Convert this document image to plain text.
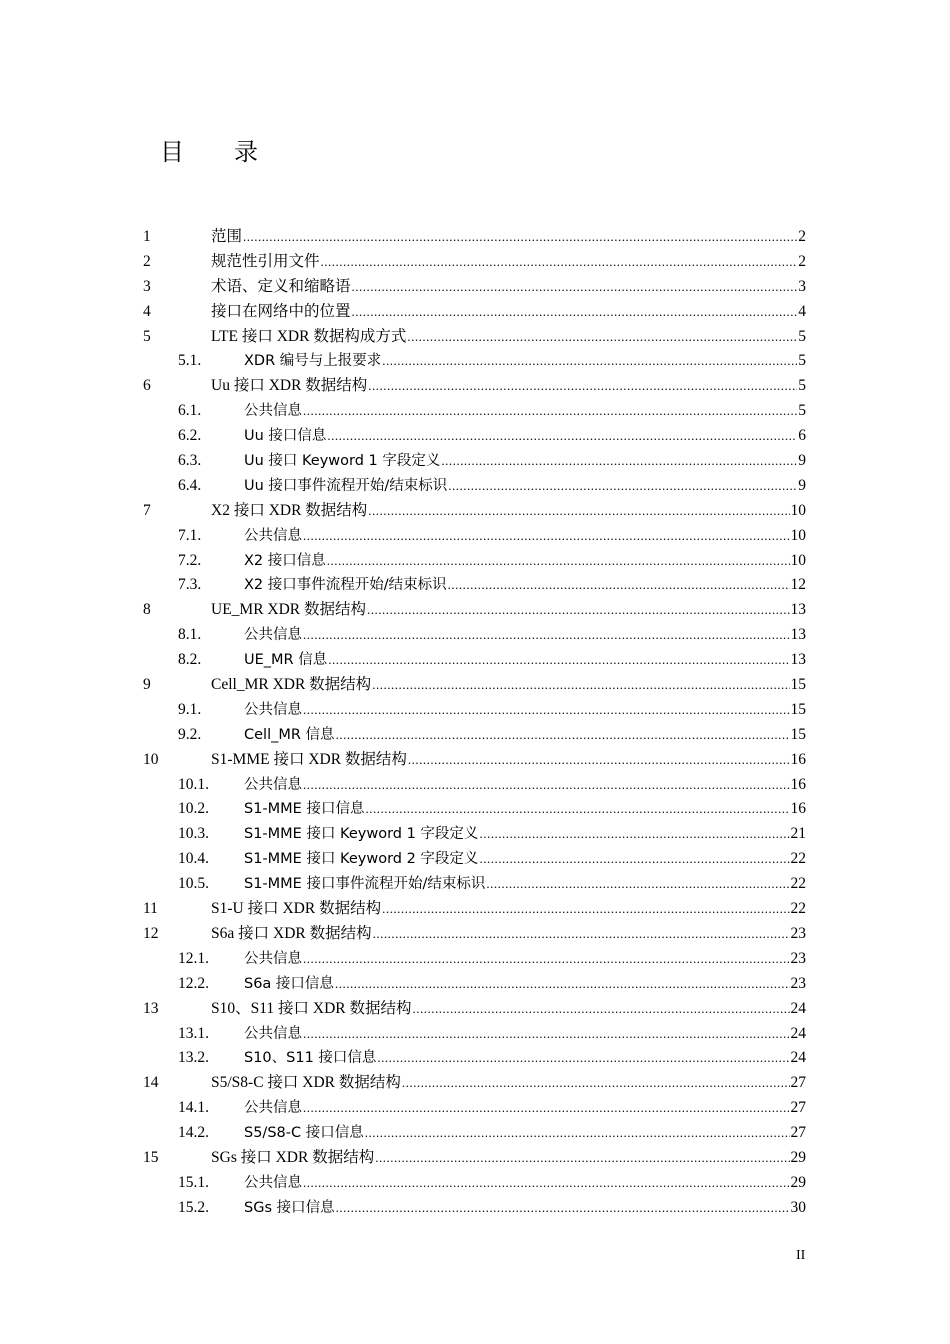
目 录
1	范围 .....	2
2	规范性引用文件 .....	2
3	术语、定义和缩略语 .....	3
4	接口在网络中的位置 .....	4
5	LTE 接口 XDR 数据构成方式 .....	5
5.1.	XDR 编号与上报要求 .....	5
6	Uu 接口 XDR 数据结构 .....	5
6.1.	公共信息 .....	5
6.2.	Uu 接口信息 .....	6
6.3.	Uu 接口 Keyword 1 字段定义 .....	9
6.4.	Uu 接口事件流程开始/结束标识 .....	9
7	X2 接口 XDR 数据结构 .....	10
7.1.	公共信息 .....	10
7.2.	X2 接口信息 .....	10
7.3.	X2 接口事件流程开始/结束标识 .....	12
8	UE_MR XDR 数据结构 .....	13
8.1.	公共信息 .....	13
8.2.	UE_MR 信息 .....	13
9	Cell_MR XDR 数据结构 .....	15
9.1.	公共信息 .....	15
9.2.	Cell_MR 信息 .....	15
10	S1-MME 接口 XDR 数据结构 .....	16
10.1.	公共信息 .....	16
10.2.	S1-MME 接口信息 .....	16
10.3.	S1-MME 接口 Keyword 1 字段定义 .....	21
10.4.	S1-MME 接口 Keyword 2 字段定义 .....	22
10.5.	S1-MME 接口事件流程开始/结束标识 .....	22
11	S1-U 接口 XDR 数据结构 .....	22
12	S6a 接口 XDR 数据结构 .....	23
12.1.	公共信息 .....	23
12.2.	S6a 接口信息 .....	23
13	S10、S11 接口 XDR 数据结构 .....	24
13.1.	公共信息 .....	24
13.2.	S10、S11 接口信息 .....	24
14	S5/S8-C 接口 XDR 数据结构 .....	27
14.1.	公共信息 .....	27
14.2.	S5/S8-C 接口信息 .....	27
15	SGs 接口 XDR 数据结构 .....	29
15.1.	公共信息 .....	29
15.2.	SGs 接口信息 .....	30
II
